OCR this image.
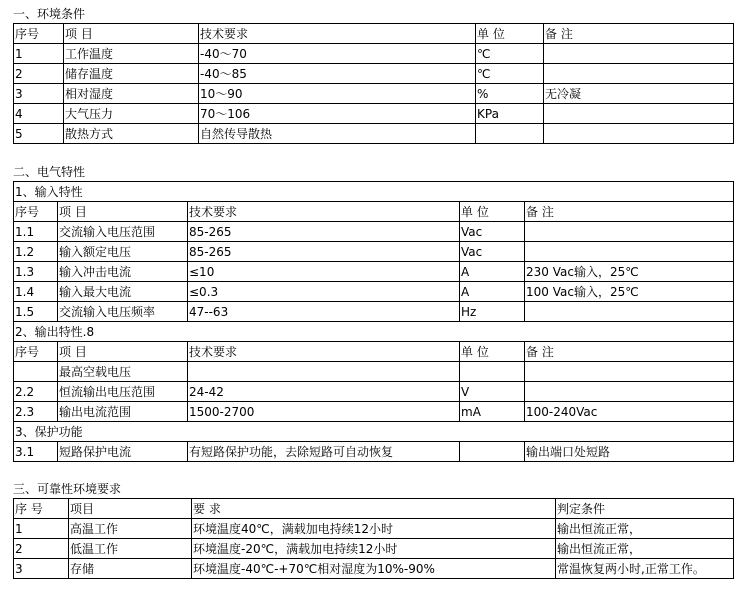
一、环境条件
序号	项 目	技术要求	单 位	备 注
1	工作温度	-40～70	℃	
2	储存温度	-40～85	℃	
3	相对湿度	10～90	%	无冷凝
4	大气压力	70～106	KPa	
5	散热方式	自然传导散热		
二、电气特性
1、输入特性				
序号	项 目	技术要求	单 位	备 注
1.1	交流输入电压范围	85-265	Vac	
1.2	输入额定电压	85-265	Vac	
1.3	输入冲击电流	≤10	A	230 Vac输入，25℃
1.4	输入最大电流	≤0.3	A	100 Vac输入，25℃
1.5	交流输入电压频率	47--63	Hz	
2、输出特性.8				
序号	项 目	技术要求	单 位	备 注
	最高空载电压			
2.2	恒流输出电压范围	24-42	V	
2.3	输出电流范围	1500-2700	mA	100-240Vac
3、保护功能				
3.1	短路保护电流	有短路保护功能，去除短路可自动恢复		输出端口处短路
三、可靠性环境要求
序 号	项目	要 求	判定条件
1	高温工作	环境温度40℃，满载加电持续12小时	输出恒流正常，
2	低温工作	环境温度-20℃，满载加电持续12小时	输出恒流正常，
3	存储	环境温度-40℃-+70℃相对湿度为10%-90%	常温恢复两小时,正常工作。
